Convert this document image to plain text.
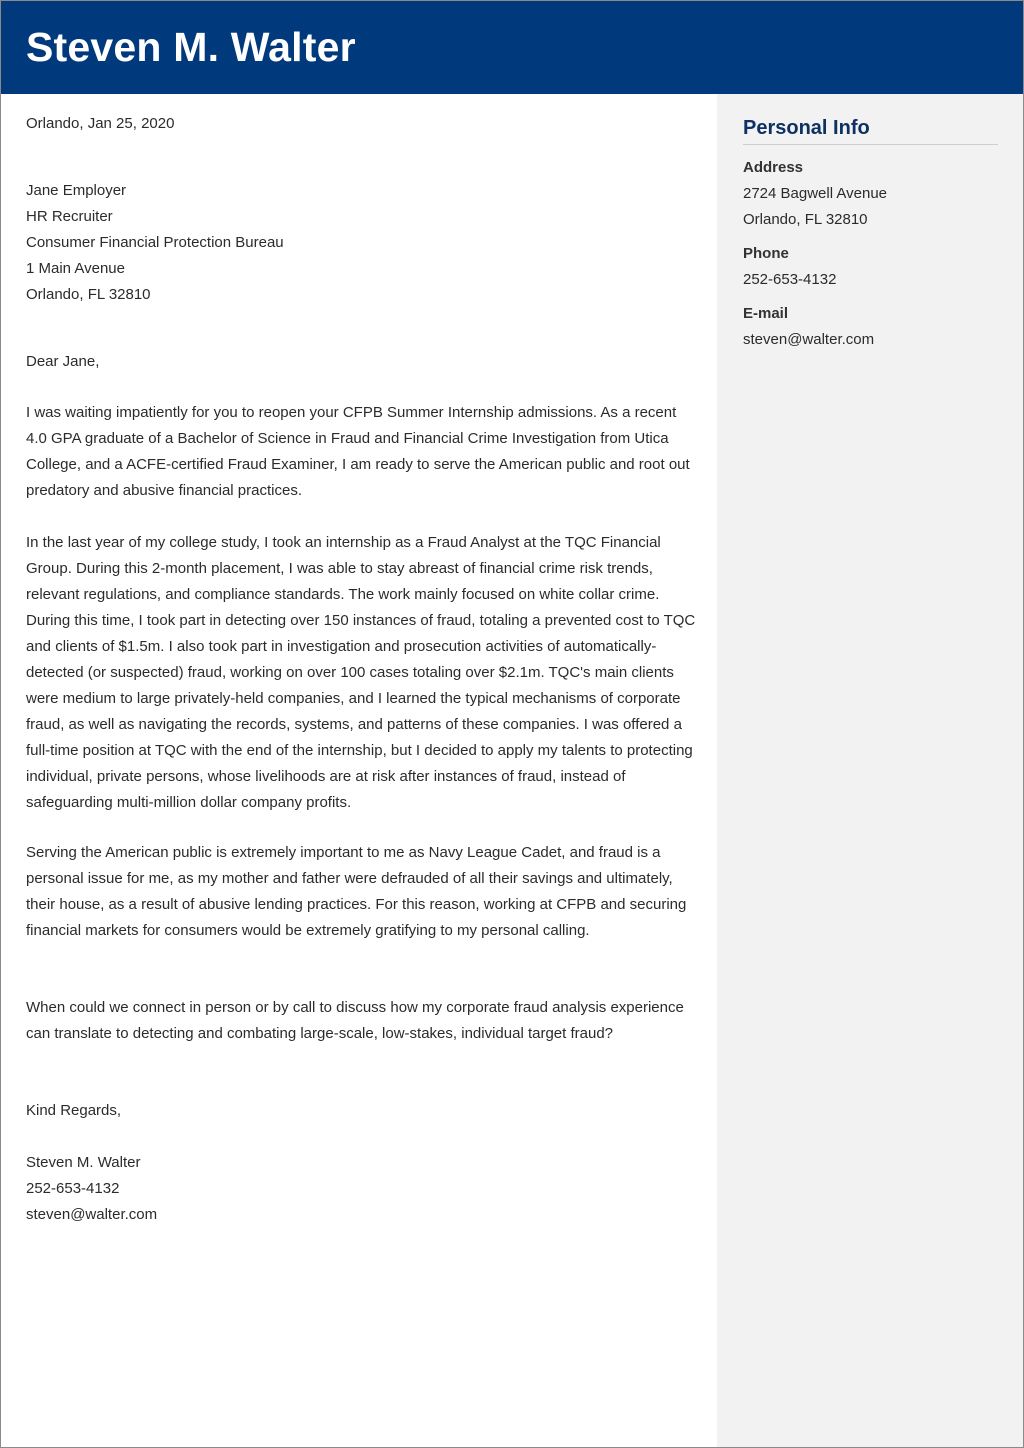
Steven M. Walter

Orlando, Jan 25, 2020

Jane Employer
HR Recruiter
Consumer Financial Protection Bureau
1 Main Avenue
Orlando, FL 32810

Dear Jane,

I was waiting impatiently for you to reopen your CFPB Summer Internship admissions. As a recent 4.0 GPA graduate of a Bachelor of Science in Fraud and Financial Crime Investigation from Utica College, and a ACFE-certified Fraud Examiner, I am ready to serve the American public and root out predatory and abusive financial practices.

In the last year of my college study, I took an internship as a Fraud Analyst at the TQC Financial Group. During this 2-month placement, I was able to stay abreast of financial crime risk trends, relevant regulations, and compliance standards. The work mainly focused on white collar crime. During this time, I took part in detecting over 150 instances of fraud, totaling a prevented cost to TQC and clients of $1.5m. I also took part in investigation and prosecution activities of automatically-detected (or suspected) fraud, working on over 100 cases totaling over $2.1m. TQC's main clients were medium to large privately-held companies, and I learned the typical mechanisms of corporate fraud, as well as navigating the records, systems, and patterns of these companies. I was offered a full-time position at TQC with the end of the internship, but I decided to apply my talents to protecting individual, private persons, whose livelihoods are at risk after instances of fraud, instead of safeguarding multi-million dollar company profits.

Serving the American public is extremely important to me as Navy League Cadet, and fraud is a personal issue for me, as my mother and father were defrauded of all their savings and ultimately, their house, as a result of abusive lending practices. For this reason, working at CFPB and securing financial markets for consumers would be extremely gratifying to my personal calling.

When could we connect in person or by call to discuss how my corporate fraud analysis experience can translate to detecting and combating large-scale, low-stakes, individual target fraud?

Kind Regards,

Steven M. Walter
252-653-4132
steven@walter.com

Personal Info

Address

2724 Bagwell Avenue

Orlando, FL 32810

Phone

252-653-4132

E-mail

steven@walter.com
